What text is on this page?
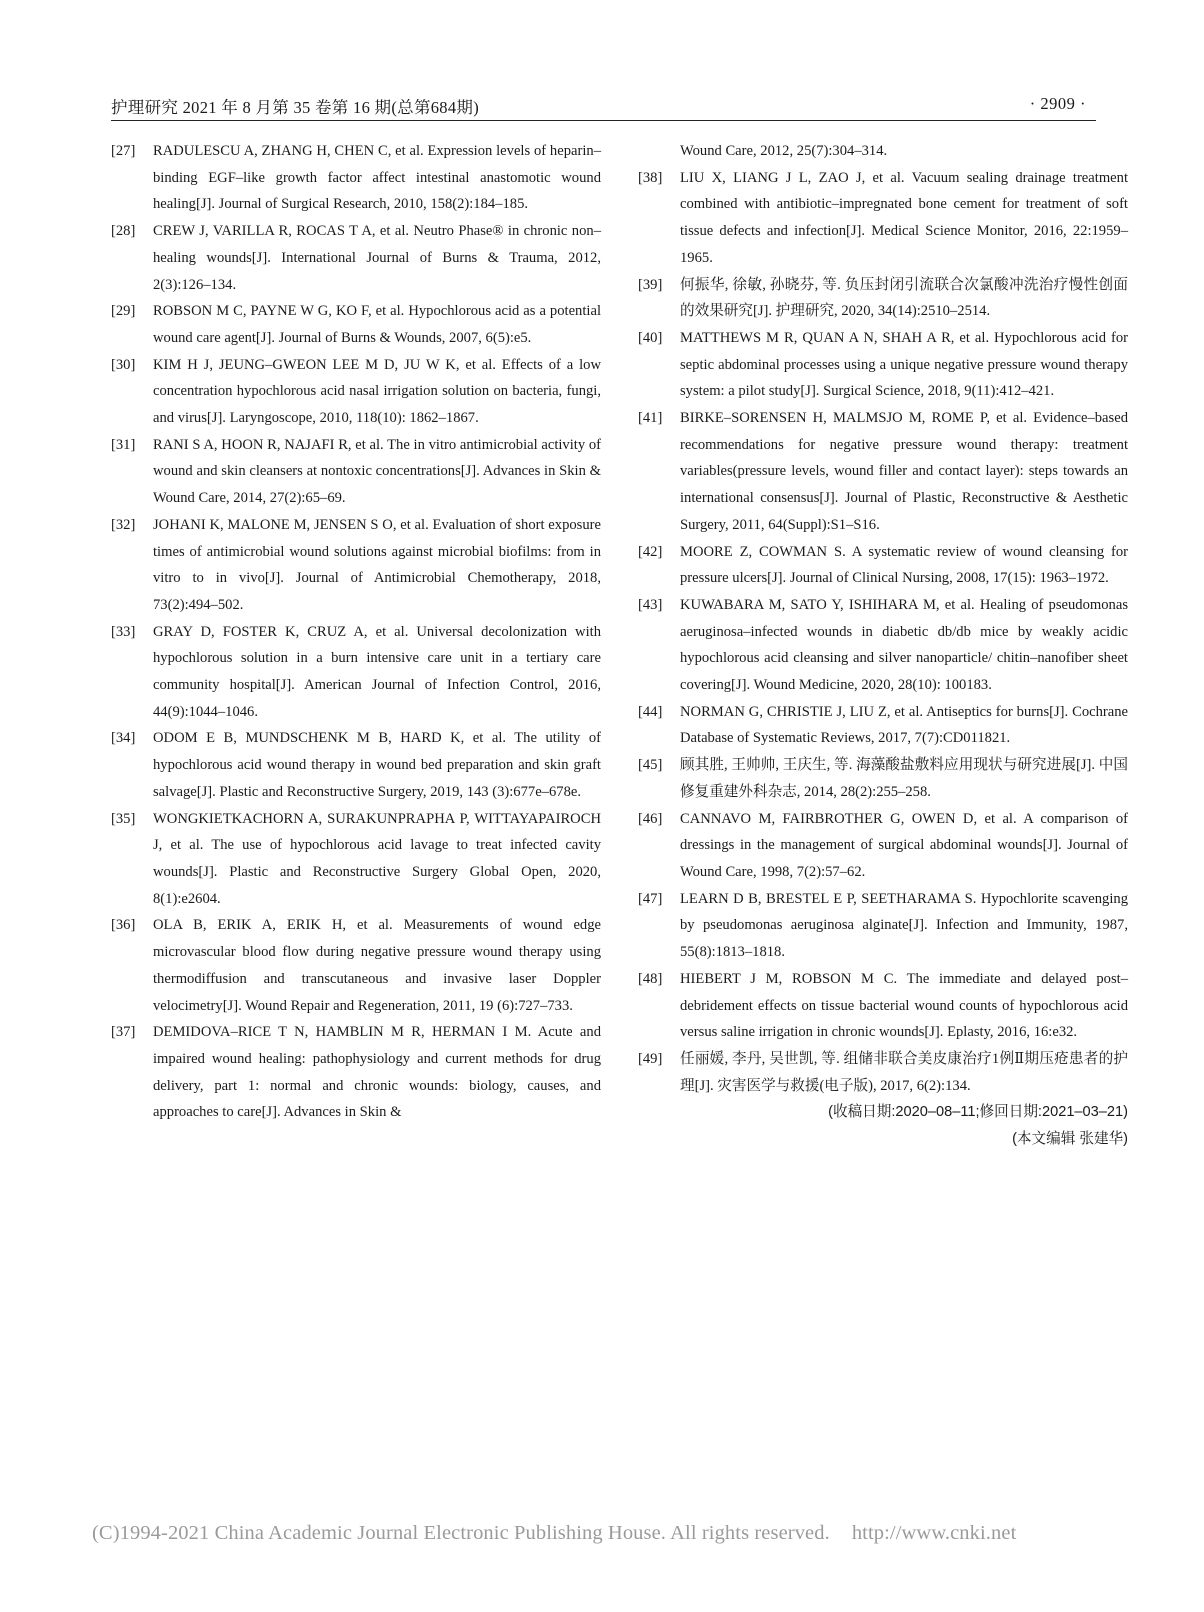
护理研究 2021 年 8 月第 35 卷第 16 期(总第684期)	· 2909 ·

[27] RADULESCU A, ZHANG H, CHEN C, et al. Expression levels of heparin–binding EGF–like growth factor affect intestinal anastomotic wound healing[J]. Journal of Surgical Research, 2010, 158(2):184–185.

[28] CREW J, VARILLA R, ROCAS T A, et al. Neutro Phase® in chronic non–healing wounds[J]. International Journal of Burns & Trauma, 2012, 2(3):126–134.

[29] ROBSON M C, PAYNE W G, KO F, et al. Hypochlorous acid as a potential wound care agent[J]. Journal of Burns & Wounds, 2007, 6(5):e5.

[30] KIM H J, JEUNG–GWEON LEE M D, JU W K, et al. Effects of a low concentration hypochlorous acid nasal irrigation solution on bacteria, fungi, and virus[J]. Laryngoscope, 2010, 118(10): 1862–1867.

[31] RANI S A, HOON R, NAJAFI R, et al. The in vitro antimicrobial activity of wound and skin cleansers at nontoxic concentrations[J]. Advances in Skin & Wound Care, 2014, 27(2):65–69.

[32] JOHANI K, MALONE M, JENSEN S O, et al. Evaluation of short exposure times of antimicrobial wound solutions against microbial biofilms: from in vitro to in vivo[J]. Journal of Antimicrobial Chemotherapy, 2018, 73(2):494–502.

[33] GRAY D, FOSTER K, CRUZ A, et al. Universal decolonization with hypochlorous solution in a burn intensive care unit in a tertiary care community hospital[J]. American Journal of Infection Control, 2016, 44(9):1044–1046.

[34] ODOM E B, MUNDSCHENK M B, HARD K, et al. The utility of hypochlorous acid wound therapy in wound bed preparation and skin graft salvage[J]. Plastic and Reconstructive Surgery, 2019, 143 (3):677e–678e.

[35] WONGKIETKACHORN A, SURAKUNPRAPHA P, WITTAYAPAIROCH J, et al. The use of hypochlorous acid lavage to treat infected cavity wounds[J]. Plastic and Reconstructive Surgery Global Open, 2020, 8(1):e2604.

[36] OLA B, ERIK A, ERIK H, et al. Measurements of wound edge microvascular blood flow during negative pressure wound therapy using thermodiffusion and transcutaneous and invasive laser Doppler velocimetry[J]. Wound Repair and Regeneration, 2011, 19 (6):727–733.

[37] DEMIDOVA–RICE T N, HAMBLIN M R, HERMAN I M. Acute and impaired wound healing: pathophysiology and current methods for drug delivery, part 1: normal and chronic wounds: biology, causes, and approaches to care[J]. Advances in Skin &

Wound Care, 2012, 25(7):304–314.

[38] LIU X, LIANG J L, ZAO J, et al. Vacuum sealing drainage treatment combined with antibiotic–impregnated bone cement for treatment of soft tissue defects and infection[J]. Medical Science Monitor, 2016, 22:1959–1965.

[39] 何振华, 徐敏, 孙晓芬, 等. 负压封闭引流联合次氯酸冲洗治疗慢性创面的效果研究[J]. 护理研究, 2020, 34(14):2510–2514.

[40] MATTHEWS M R, QUAN A N, SHAH A R, et al. Hypochlorous acid for septic abdominal processes using a unique negative pressure wound therapy system: a pilot study[J]. Surgical Science, 2018, 9(11):412–421.

[41] BIRKE–SORENSEN H, MALMSJO M, ROME P, et al. Evidence–based recommendations for negative pressure wound therapy: treatment variables(pressure levels, wound filler and contact layer): steps towards an international consensus[J]. Journal of Plastic, Reconstructive & Aesthetic Surgery, 2011, 64(Suppl):S1–S16.

[42] MOORE Z, COWMAN S. A systematic review of wound cleansing for pressure ulcers[J]. Journal of Clinical Nursing, 2008, 17(15): 1963–1972.

[43] KUWABARA M, SATO Y, ISHIHARA M, et al. Healing of pseudomonas aeruginosa–infected wounds in diabetic db/db mice by weakly acidic hypochlorous acid cleansing and silver nanoparticle/ chitin–nanofiber sheet covering[J]. Wound Medicine, 2020, 28(10): 100183.

[44] NORMAN G, CHRISTIE J, LIU Z, et al. Antiseptics for burns[J]. Cochrane Database of Systematic Reviews, 2017, 7(7):CD011821.

[45] 顾其胜, 王帅帅, 王庆生, 等. 海藻酸盐敷料应用现状与研究进展[J]. 中国修复重建外科杂志, 2014, 28(2):255–258.

[46] CANNAVO M, FAIRBROTHER G, OWEN D, et al. A comparison of dressings in the management of surgical abdominal wounds[J]. Journal of Wound Care, 1998, 7(2):57–62.

[47] LEARN D B, BRESTEL E P, SEETHARAMA S. Hypochlorite scavenging by pseudomonas aeruginosa alginate[J]. Infection and Immunity, 1987, 55(8):1813–1818.

[48] HIEBERT J M, ROBSON M C. The immediate and delayed post–debridement effects on tissue bacterial wound counts of hypochlorous acid versus saline irrigation in chronic wounds[J]. Eplasty, 2016, 16:e32.

[49] 任丽媛, 李丹, 吴世凯, 等. 组储非联合美皮康治疗1例Ⅱ期压疮患者的护理[J]. 灾害医学与救援(电子版), 2017, 6(2):134.

(收稿日期:2020–08–11;修回日期:2021–03–21)
(本文编辑 张建华)
(C)1994-2021 China Academic Journal Electronic Publishing House. All rights reserved. http://www.cnki.net
